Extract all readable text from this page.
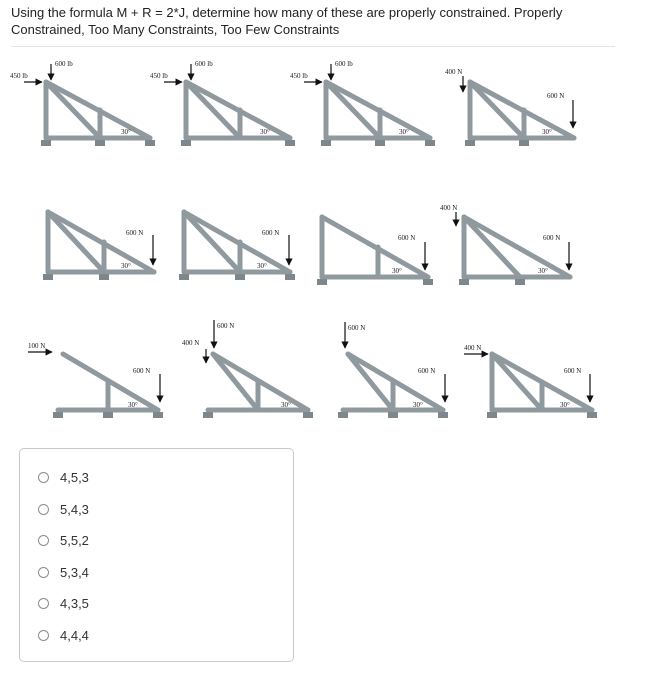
Using the formula M + R = 2*J, determine how many of these are properly constrained. Properly Constrained, Too Many Constraints, Too Few Constraints
600 lb
450 lb
30°
600 lb
450 lb
30°
600 lb
450 lb
30°
400 N
600 N
30°
600 N
30°
600 N
30°
600 N
30°
400 N
600 N
30°
100 N
600 N
30°
600 N
400 N
30°
600 N
600 N
30°
400 N
600 N
30°
4,5,3
5,4,3
5,5,2
5,3,4
4,3,5
4,4,4
